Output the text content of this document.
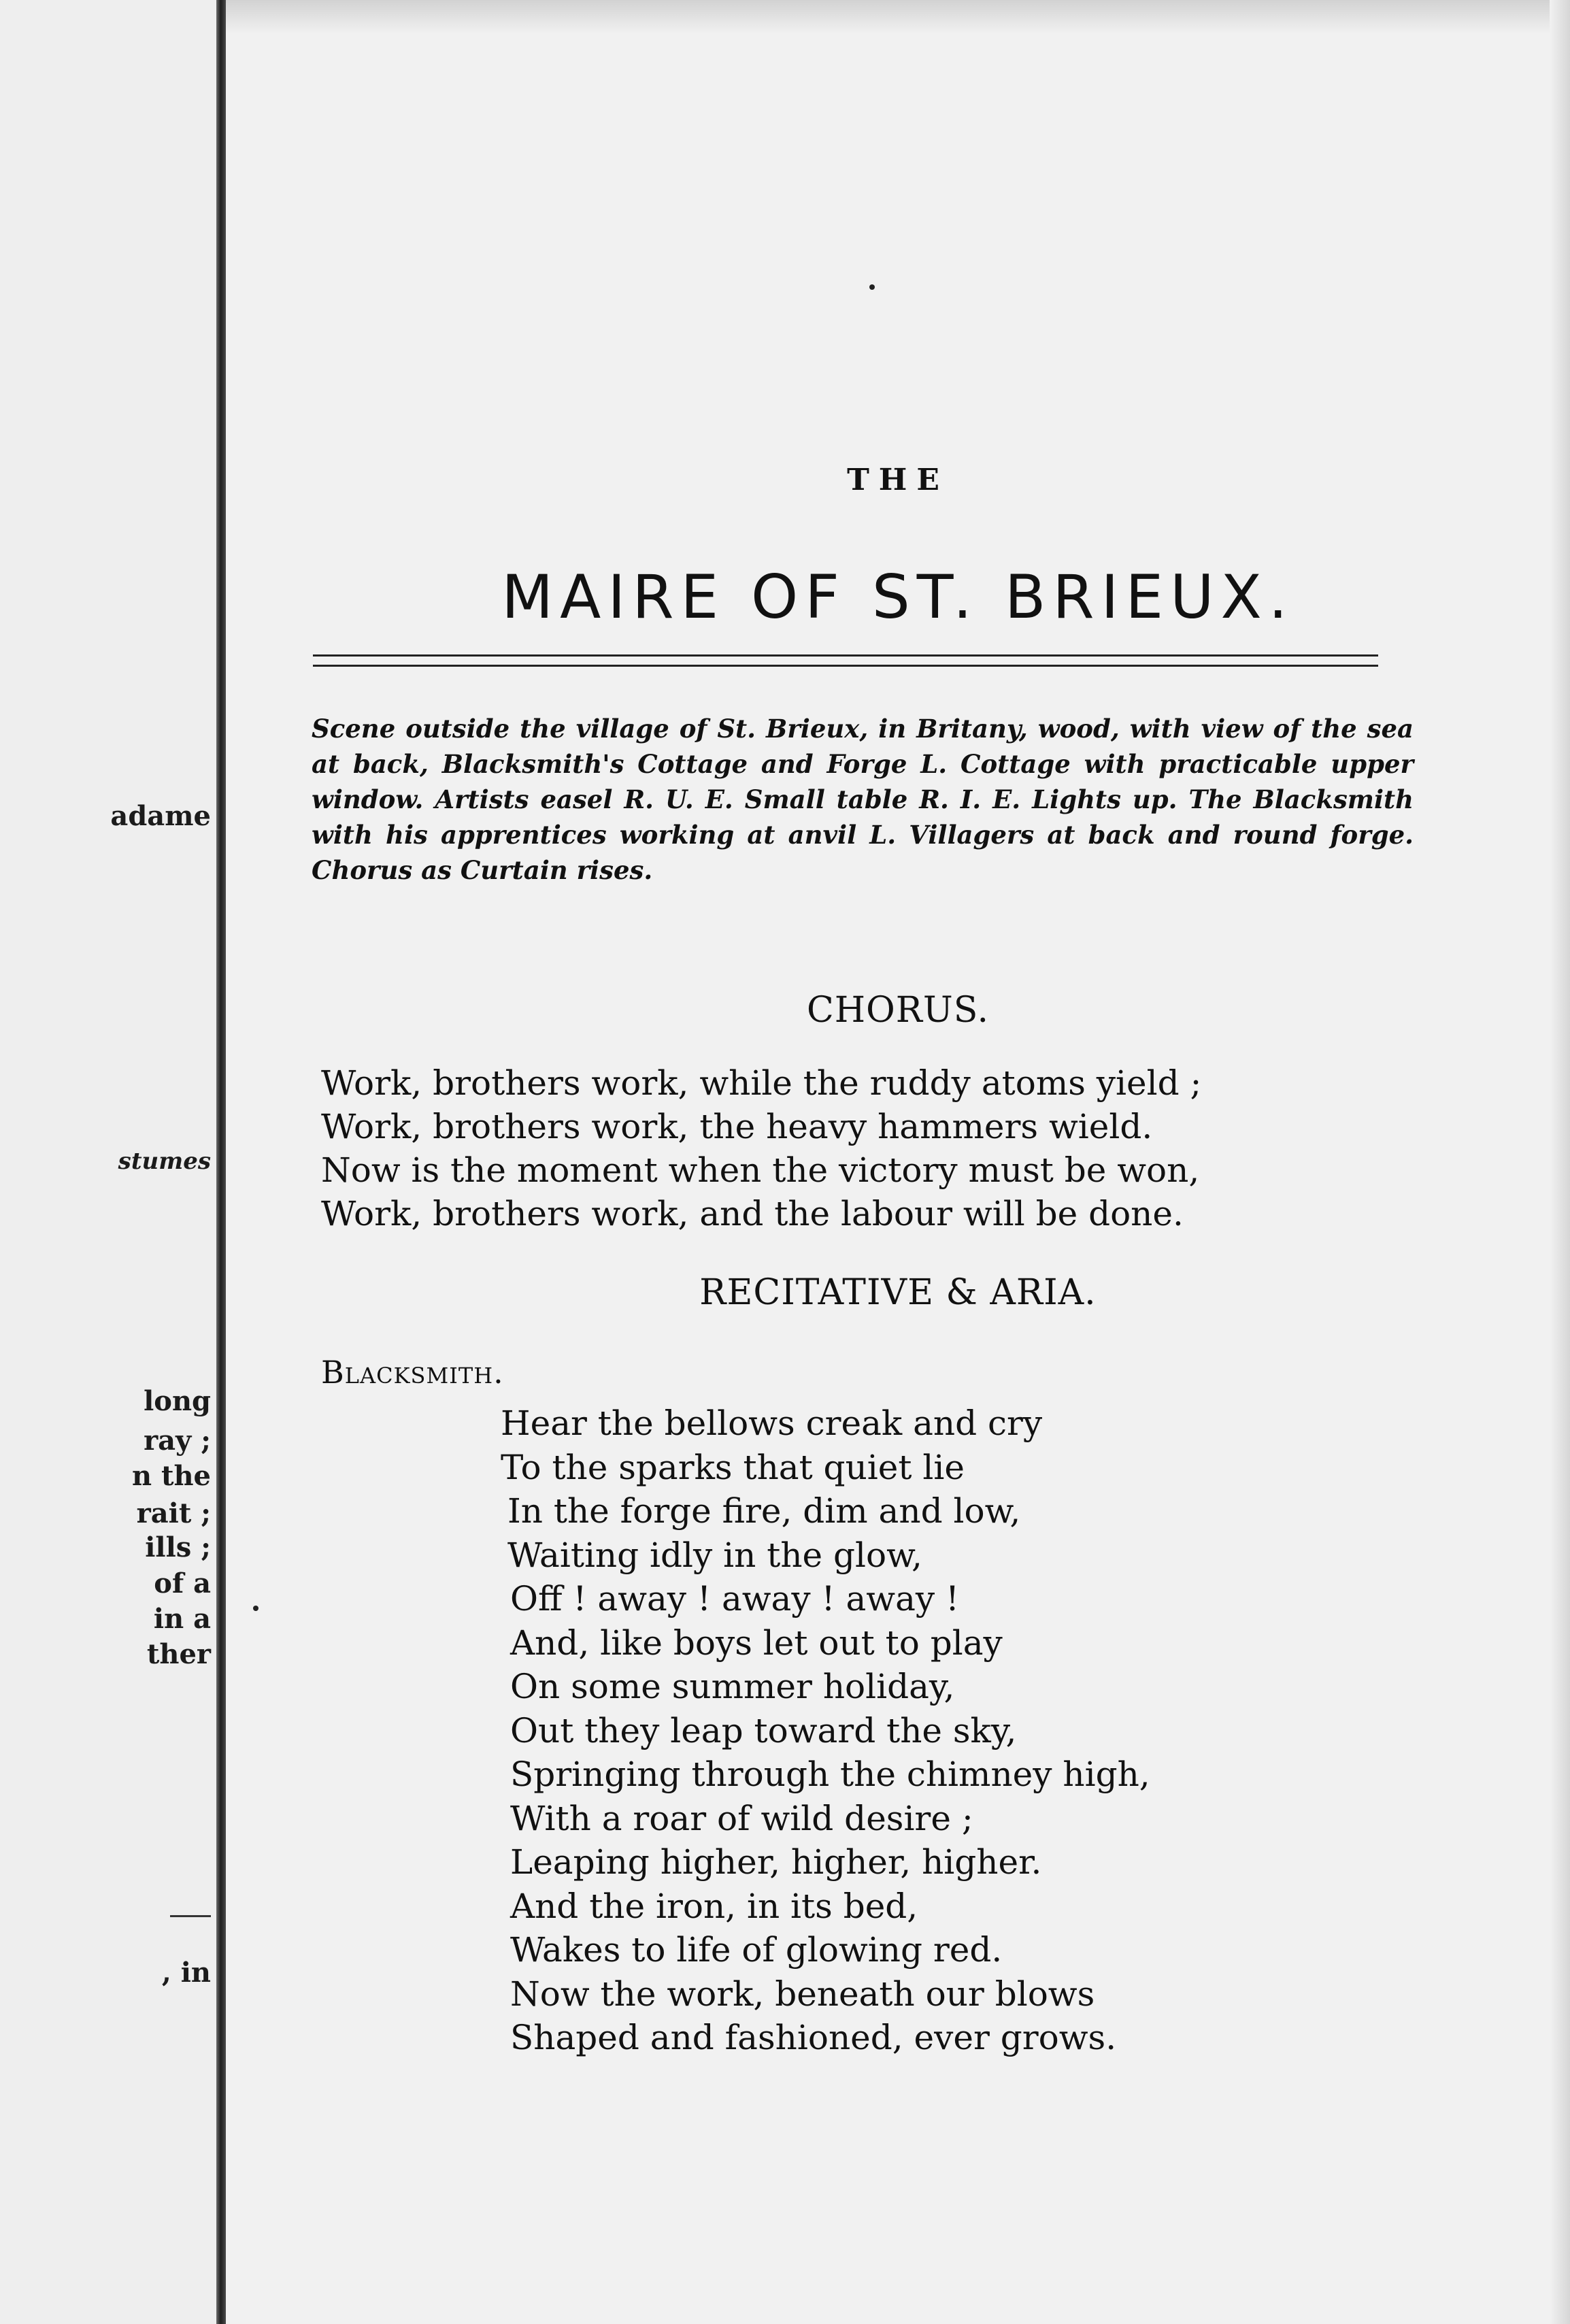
adame
stumes
long
ray ;
n the
rait ;
ills ;
of a
in a
ther
, in
THE
MAIRE OF ST. BRIEUX.
Scene outside the village of St. Brieux, in Britany, wood, with view of the sea at back, Blacksmith's Cottage and Forge L. Cottage with practicable upper window. Artists easel R. U. E. Small table R. I. E. Lights up. The Blacksmith with his apprentices working at anvil L. Villagers at back and round forge. Chorus as Curtain rises.
CHORUS.
Work, brothers work, while the ruddy atoms yield ;
Work, brothers work, the heavy hammers wield.
Now is the moment when the victory must be won,
Work, brothers work, and the labour will be done.
RECITATIVE & ARIA.
Blacksmith.
Hear the bellows creak and cry
To the sparks that quiet lie
In the forge fire, dim and low,
Waiting idly in the glow,
Off ! away ! away ! away !
And, like boys let out to play
On some summer holiday,
Out they leap toward the sky,
Springing through the chimney high,
With a roar of wild desire ;
Leaping higher, higher, higher.
And the iron, in its bed,
Wakes to life of glowing red.
Now the work, beneath our blows
Shaped and fashioned, ever grows.
